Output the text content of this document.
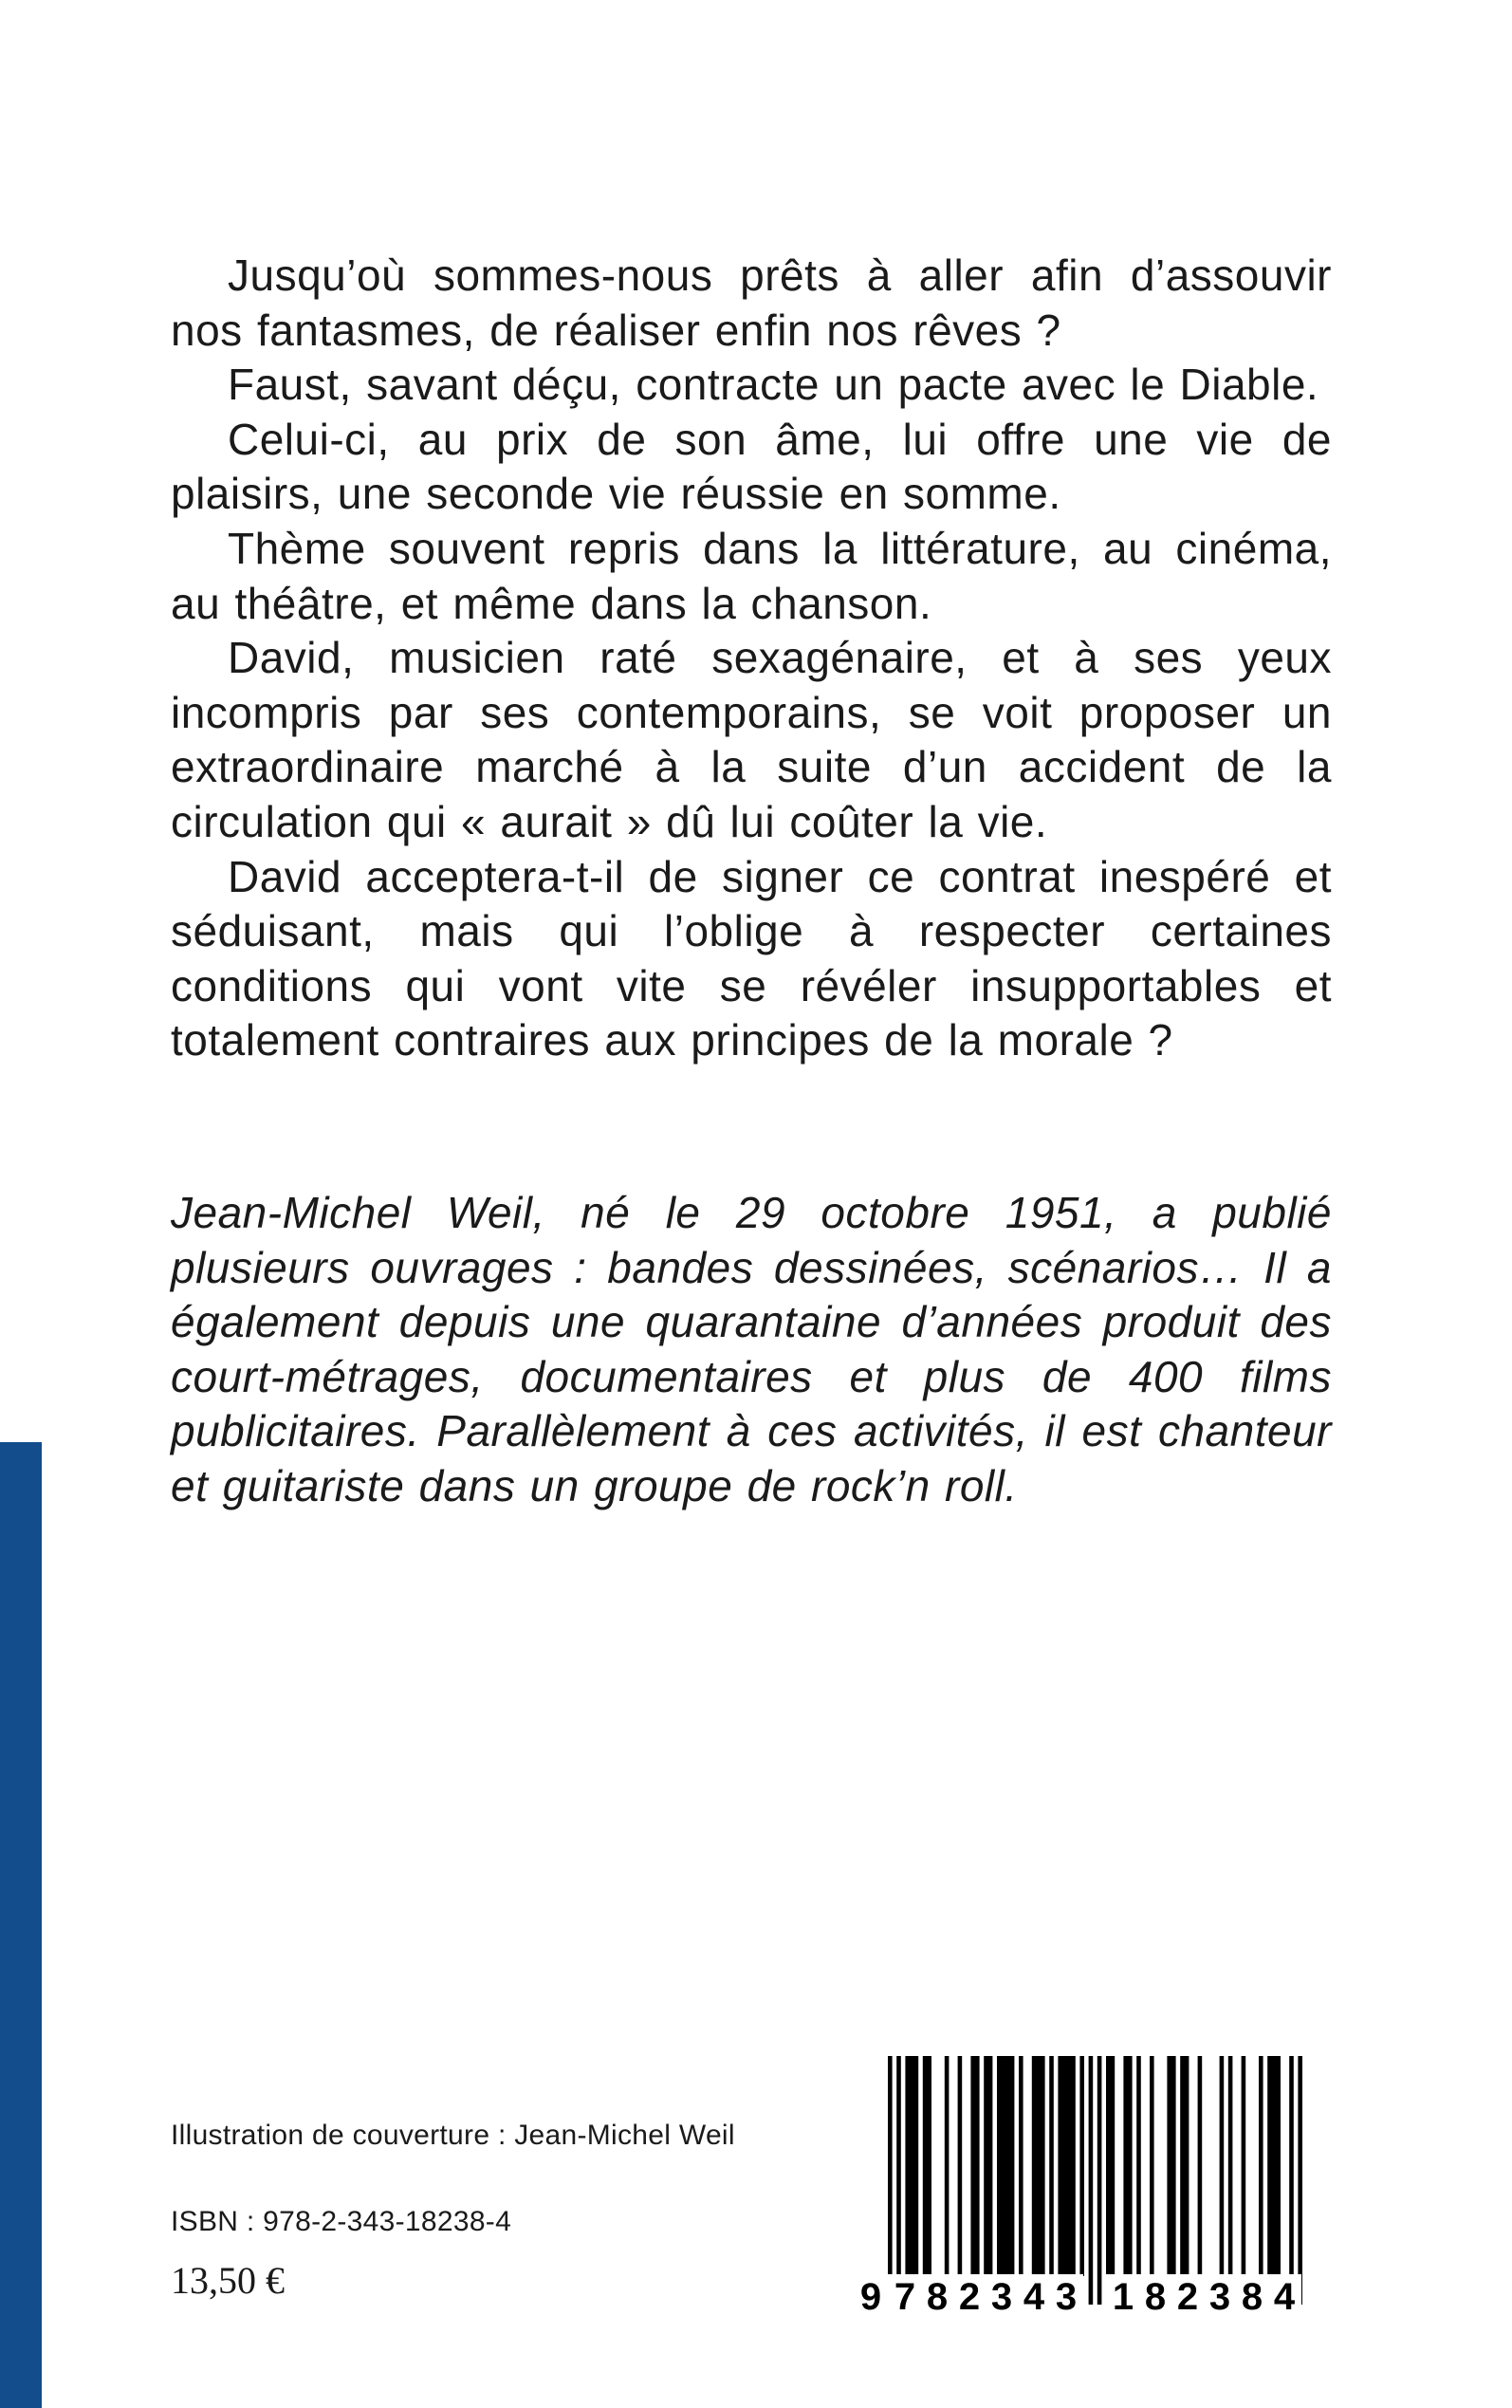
Jusqu’où sommes-nous prêts à aller afin d’assouvir nos fantasmes, de réaliser enfin nos rêves ?

Faust, savant déçu, contracte un pacte avec le Diable.

Celui-ci, au prix de son âme, lui offre une vie de plaisirs, une seconde vie réussie en somme.

Thème souvent repris dans la littérature, au cinéma, au théâtre, et même dans la chanson.

David, musicien raté sexagénaire, et à ses yeux incompris par ses contemporains, se voit proposer un extraordinaire marché à la suite d’un accident de la circulation qui « aurait » dû lui coûter la vie.

David acceptera-t-il de signer ce contrat inespéré et séduisant, mais qui l’oblige à respecter certaines conditions qui vont vite se révéler insupportables et totalement contraires aux principes de la morale ?

Jean-Michel Weil, né le 29 octobre 1951, a publié plusieurs ouvrages : bandes dessinées, scénarios… Il a également depuis une quarantaine d’années produit des court-métrages, documentaires et plus de 400 films publicitaires. Parallèlement à ces activités, il est chanteur et guitariste dans un groupe de rock’n roll.

Illustration de couverture : Jean-Michel Weil
ISBN : 978-2-343-18238-4
13,50 €	9 7 8 2 3 4 3 1 8 2 3 8 4
